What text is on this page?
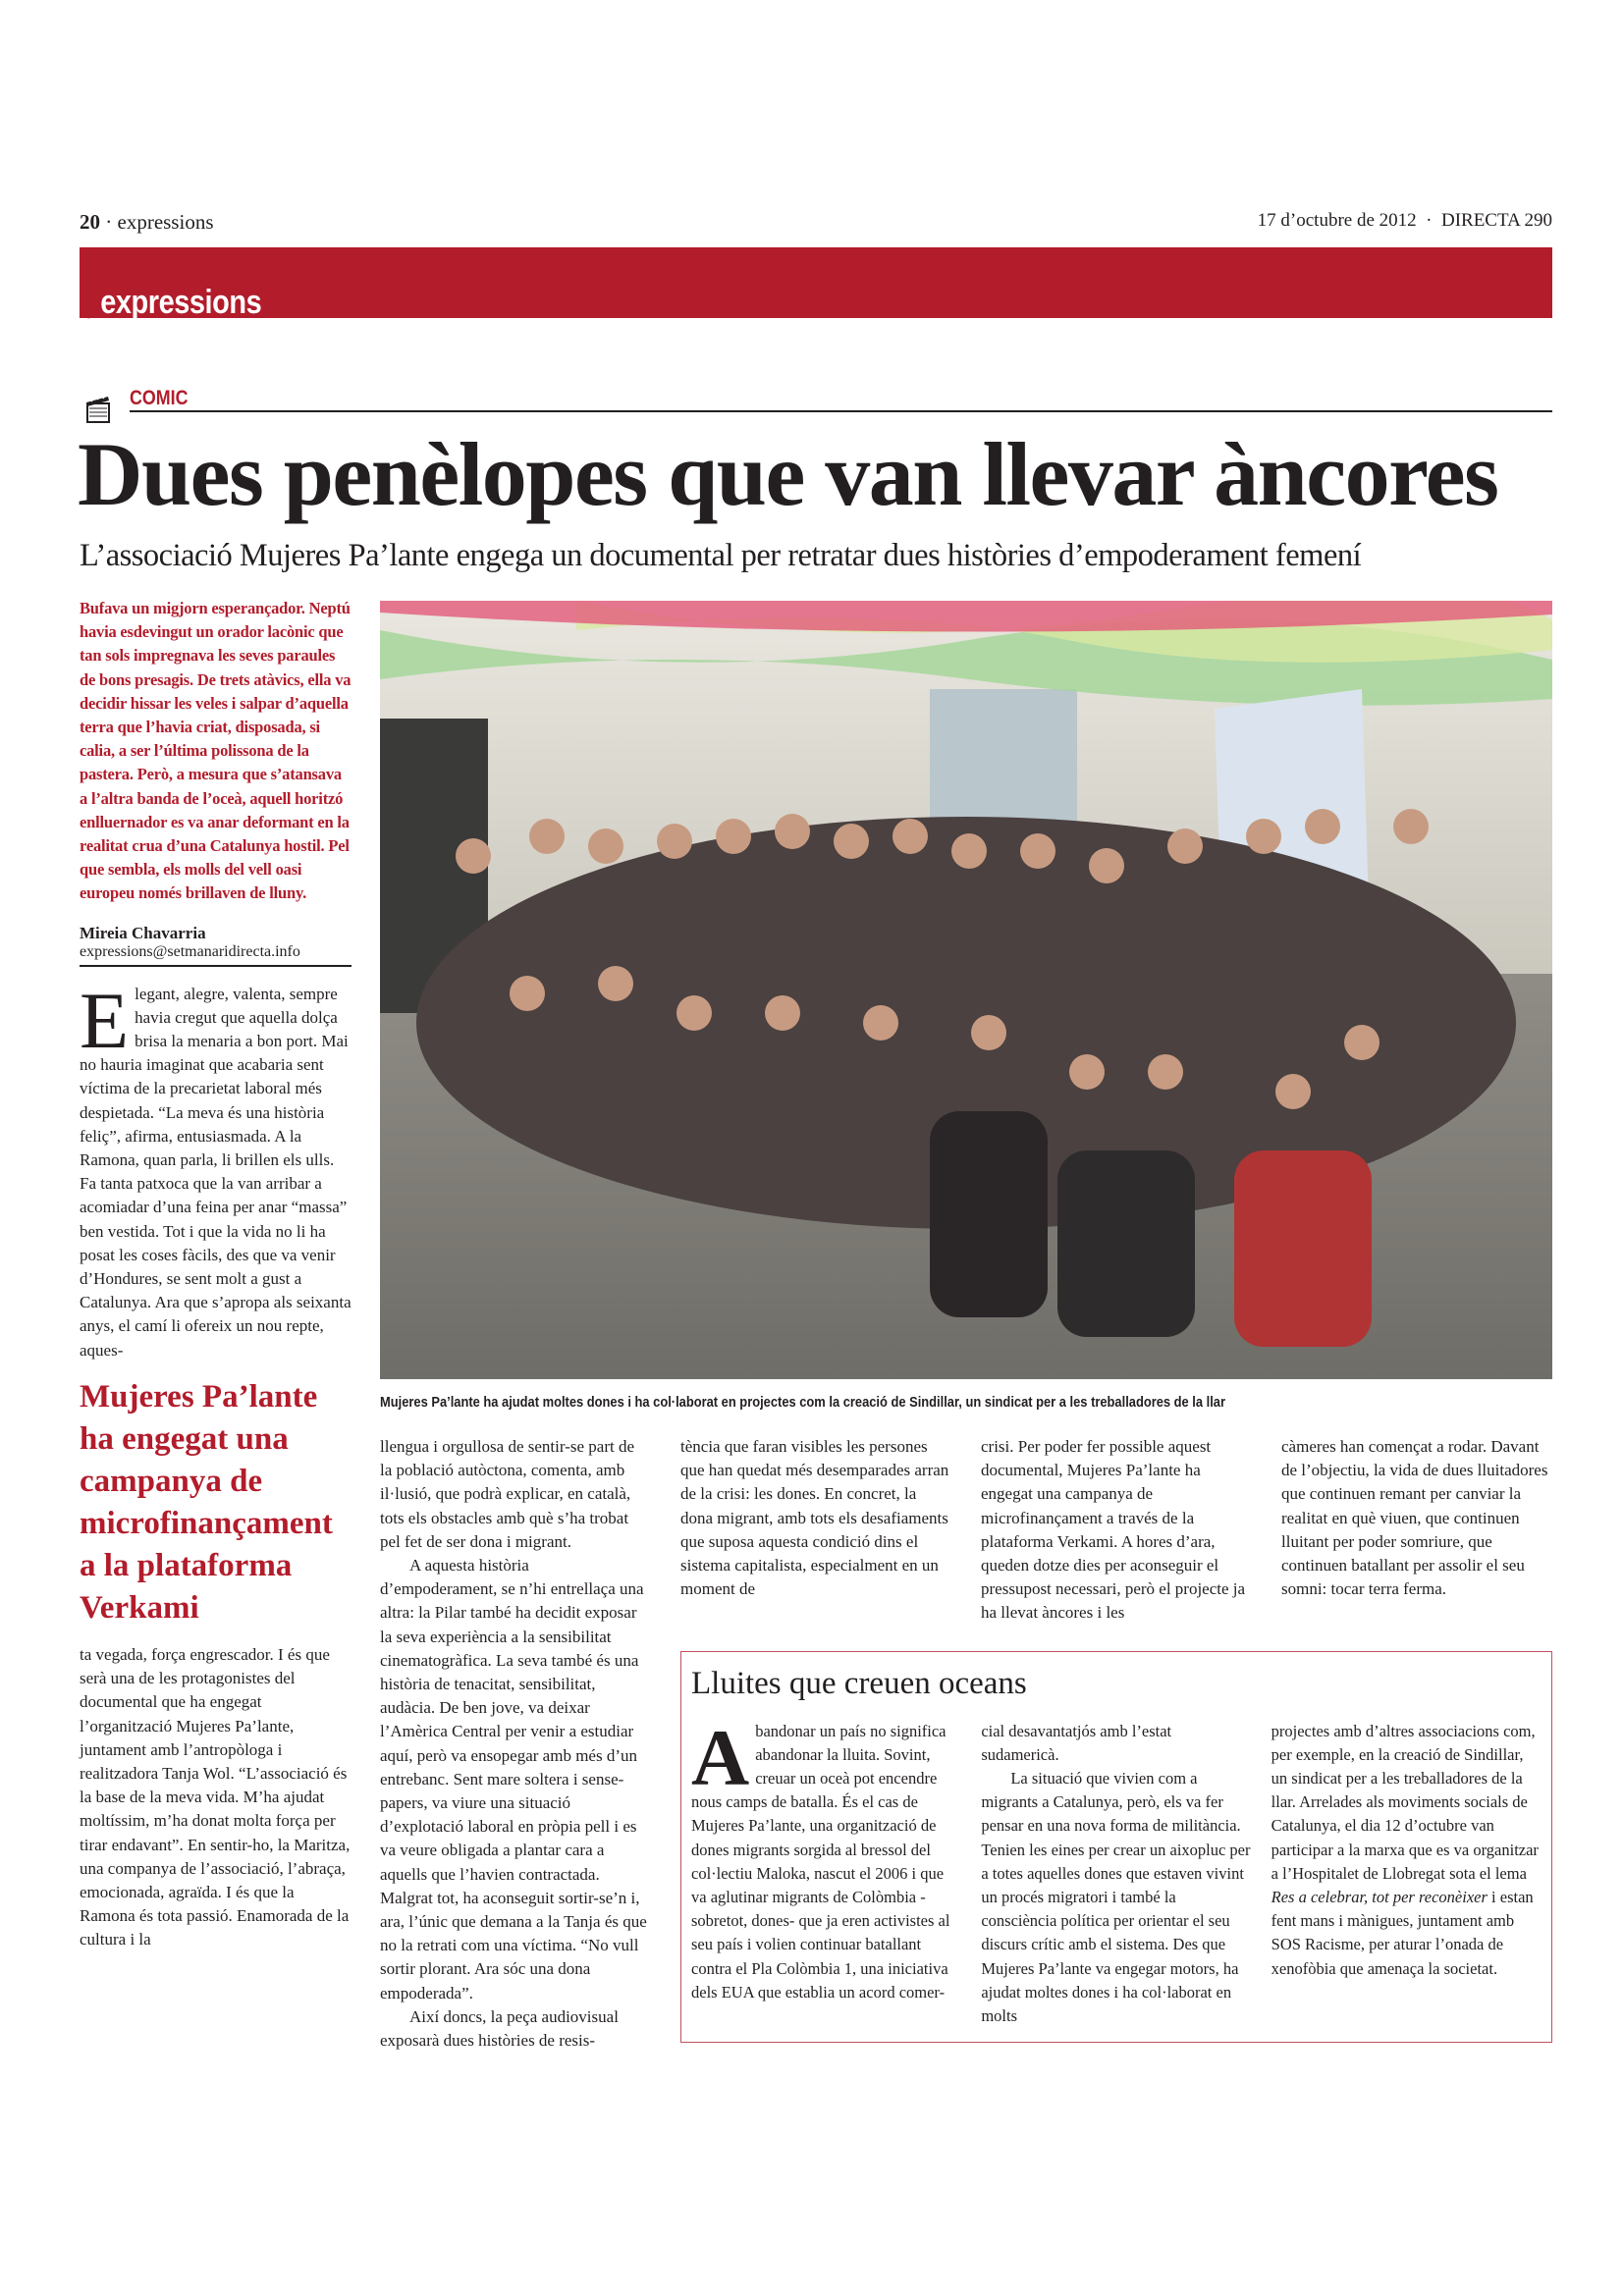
20 · expressions	17 d’octubre de 2012  ·  DIRECTA 290
, expressions
COMIC
Dues penèlopes que van llevar àncores
L’associació Mujeres Pa’lante engega un documental per retratar dues històries d’empoderament femení
Bufava un migjorn esperançador. Neptú havia esdevingut un orador lacònic que tan sols impregnava les seves paraules de bons presagis. De trets atàvics, ella va decidir hissar les veles i salpar d’aquella terra que l’havia criat, disposada, si calia, a ser l’última polissona de la pastera. Però, a mesura que s’atansava a l’altra banda de l’oceà, aquell horitzó enlluernador es va anar deformant en la realitat crua d’una Catalunya hostil. Pel que sembla, els molls del vell oasi europeu només brillaven de lluny.
Mireia Chavarria
expressions@setmanaridirecta.info
Elegant, alegre, valenta, sempre havia cregut que aquella dolça brisa la menaria a bon port. Mai no hauria imaginat que acabaria sent víctima de la precarietat laboral més despietada. “La meva és una història feliç”, afirma, entusiasmada. A la Ramona, quan parla, li brillen els ulls. Fa tanta patxoca que la van arribar a acomiadar d’una feina per anar “massa” ben vestida. Tot i que la vida no li ha posat les coses fàcils, des que va venir d’Hondures, se sent molt a gust a Catalunya. Ara que s’apropa als seixanta anys, el camí li ofereix un nou repte, aques-
Mujeres Pa’lante ha engegat una campanya de microfinançament a la plataforma Verkami
ta vegada, força engrescador. I és que serà una de les protagonistes del documental que ha engegat l’organització Mujeres Pa’lante, juntament amb l’antropòloga i realitzadora Tanja Wol. “L’associació és la base de la meva vida. M’ha ajudat moltíssim, m’ha donat molta força per tirar endavant”. En sentir-ho, la Maritza, una companya de l’associació, l’abraça, emocionada, agraïda. I és que la Ramona és tota passió. Enamorada de la cultura i la
Mujeres Pa’lante ha ajudat moltes dones i ha col·laborat en projectes com la creació de Sindillar, un sindicat per a les treballadores de la llar

llengua i orgullosa de sentir-se part de la població autòctona, comenta, amb il·lusió, que podrà explicar, en català, tots els obstacles amb què s’ha trobat pel fet de ser dona i migrant.

A aquesta història d’empoderament, se n’hi entrellaça una altra: la Pilar també ha decidit exposar la seva experiència a la sensibilitat cinematogràfica. La seva també és una història de tenacitat, sensibilitat, audàcia. De ben jove, va deixar l’Amèrica Central per venir a estudiar aquí, però va ensopegar amb més d’un entrebanc. Sent mare soltera i sense-papers, va viure una situació d’explotació laboral en pròpia pell i es va veure obligada a plantar cara a aquells que l’havien contractada. Malgrat tot, ha aconseguit sortir-se’n i, ara, l’únic que demana a la Tanja és que no la retrati com una víctima. “No vull sortir plorant. Ara sóc una dona empoderada”.

Així doncs, la peça audiovisual exposarà dues històries de resis-

tència que faran visibles les persones que han quedat més desemparades arran de la crisi: les dones. En concret, la dona migrant, amb tots els desafiaments que suposa aquesta condició dins el sistema capitalista, especialment en un moment de
crisi. Per poder fer possible aquest documental, Mujeres Pa’lante ha engegat una campanya de microfinançament a través de la plataforma Verkami. A hores d’ara, queden dotze dies per aconseguir el pressupost necessari, però el projecte ja ha llevat àncores i les
càmeres han començat a rodar. Davant de l’objectiu, la vida de dues lluitadores que continuen remant per canviar la realitat en què viuen, que continuen lluitant per poder somriure, que continuen batallant per assolir el seu somni: tocar terra ferma.
Lluites que creuen oceans
Abandonar un país no significa abandonar la lluita. Sovint, creuar un oceà pot encendre nous camps de batalla. És el cas de Mujeres Pa’lante, una organització de dones migrants sorgida al bressol del col·lectiu Maloka, nascut el 2006 i que va aglutinar migrants de Colòmbia -sobretot, dones- que ja eren activistes al seu país i volien continuar batallant contra el Pla Colòmbia 1, una iniciativa dels EUA que establia un acord comer-

cial desavantatjós amb l’estat sudamericà.

La situació que vivien com a migrants a Catalunya, però, els va fer pensar en una nova forma de militància. Tenien les eines per crear un aixopluc per a totes aquelles dones que estaven vivint un procés migratori i també la consciència política per orientar el seu discurs crític amb el sistema. Des que Mujeres Pa’lante va engegar motors, ha ajudat moltes dones i ha col·laborat en molts

projectes amb d’altres associacions com, per exemple, en la creació de Sindillar, un sindicat per a les treballadores de la llar. Arrelades als moviments socials de Catalunya, el dia 12 d’octubre van participar a la marxa que es va organitzar a l’Hospitalet de Llobregat sota el lema Res a celebrar, tot per reconèixer i estan fent mans i mànigues, juntament amb SOS Racisme, per aturar l’onada de xenofòbia que amenaça la societat.
